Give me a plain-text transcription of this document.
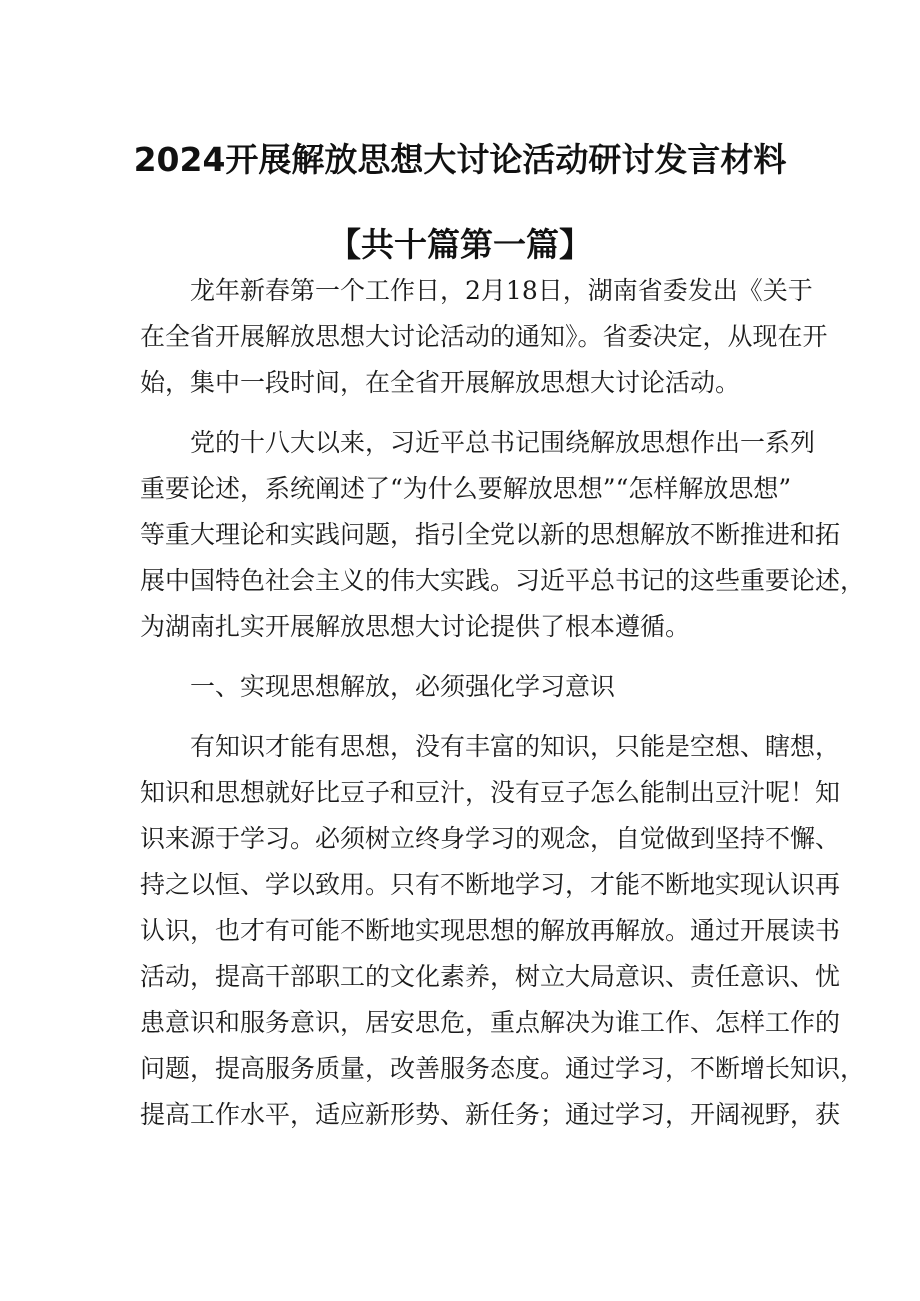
2024开展解放思想大讨论活动研讨发言材料
【共十篇第一篇】
龙年新春第一个工作日，2月18日，湖南省委发出《关于
在全省开展解放思想大讨论活动的通知》。省委决定，从现在开
始，集中一段时间，在全省开展解放思想大讨论活动。
党的十八大以来，习近平总书记围绕解放思想作出一系列
重要论述，系统阐述了“为什么要解放思想”“怎样解放思想”
等重大理论和实践问题，指引全党以新的思想解放不断推进和拓
展中国特色社会主义的伟大实践。习近平总书记的这些重要论述，
为湖南扎实开展解放思想大讨论提供了根本遵循。
一、实现思想解放，必须强化学习意识
有知识才能有思想，没有丰富的知识，只能是空想、瞎想，
知识和思想就好比豆子和豆汁，没有豆子怎么能制出豆汁呢！知
识来源于学习。必须树立终身学习的观念，自觉做到坚持不懈、
持之以恒、学以致用。只有不断地学习，才能不断地实现认识再
认识，也才有可能不断地实现思想的解放再解放。通过开展读书
活动，提高干部职工的文化素养，树立大局意识、责任意识、忧
患意识和服务意识，居安思危，重点解决为谁工作、怎样工作的
问题，提高服务质量，改善服务态度。通过学习，不断增长知识，
提高工作水平，适应新形势、新任务；通过学习，开阔视野，获
